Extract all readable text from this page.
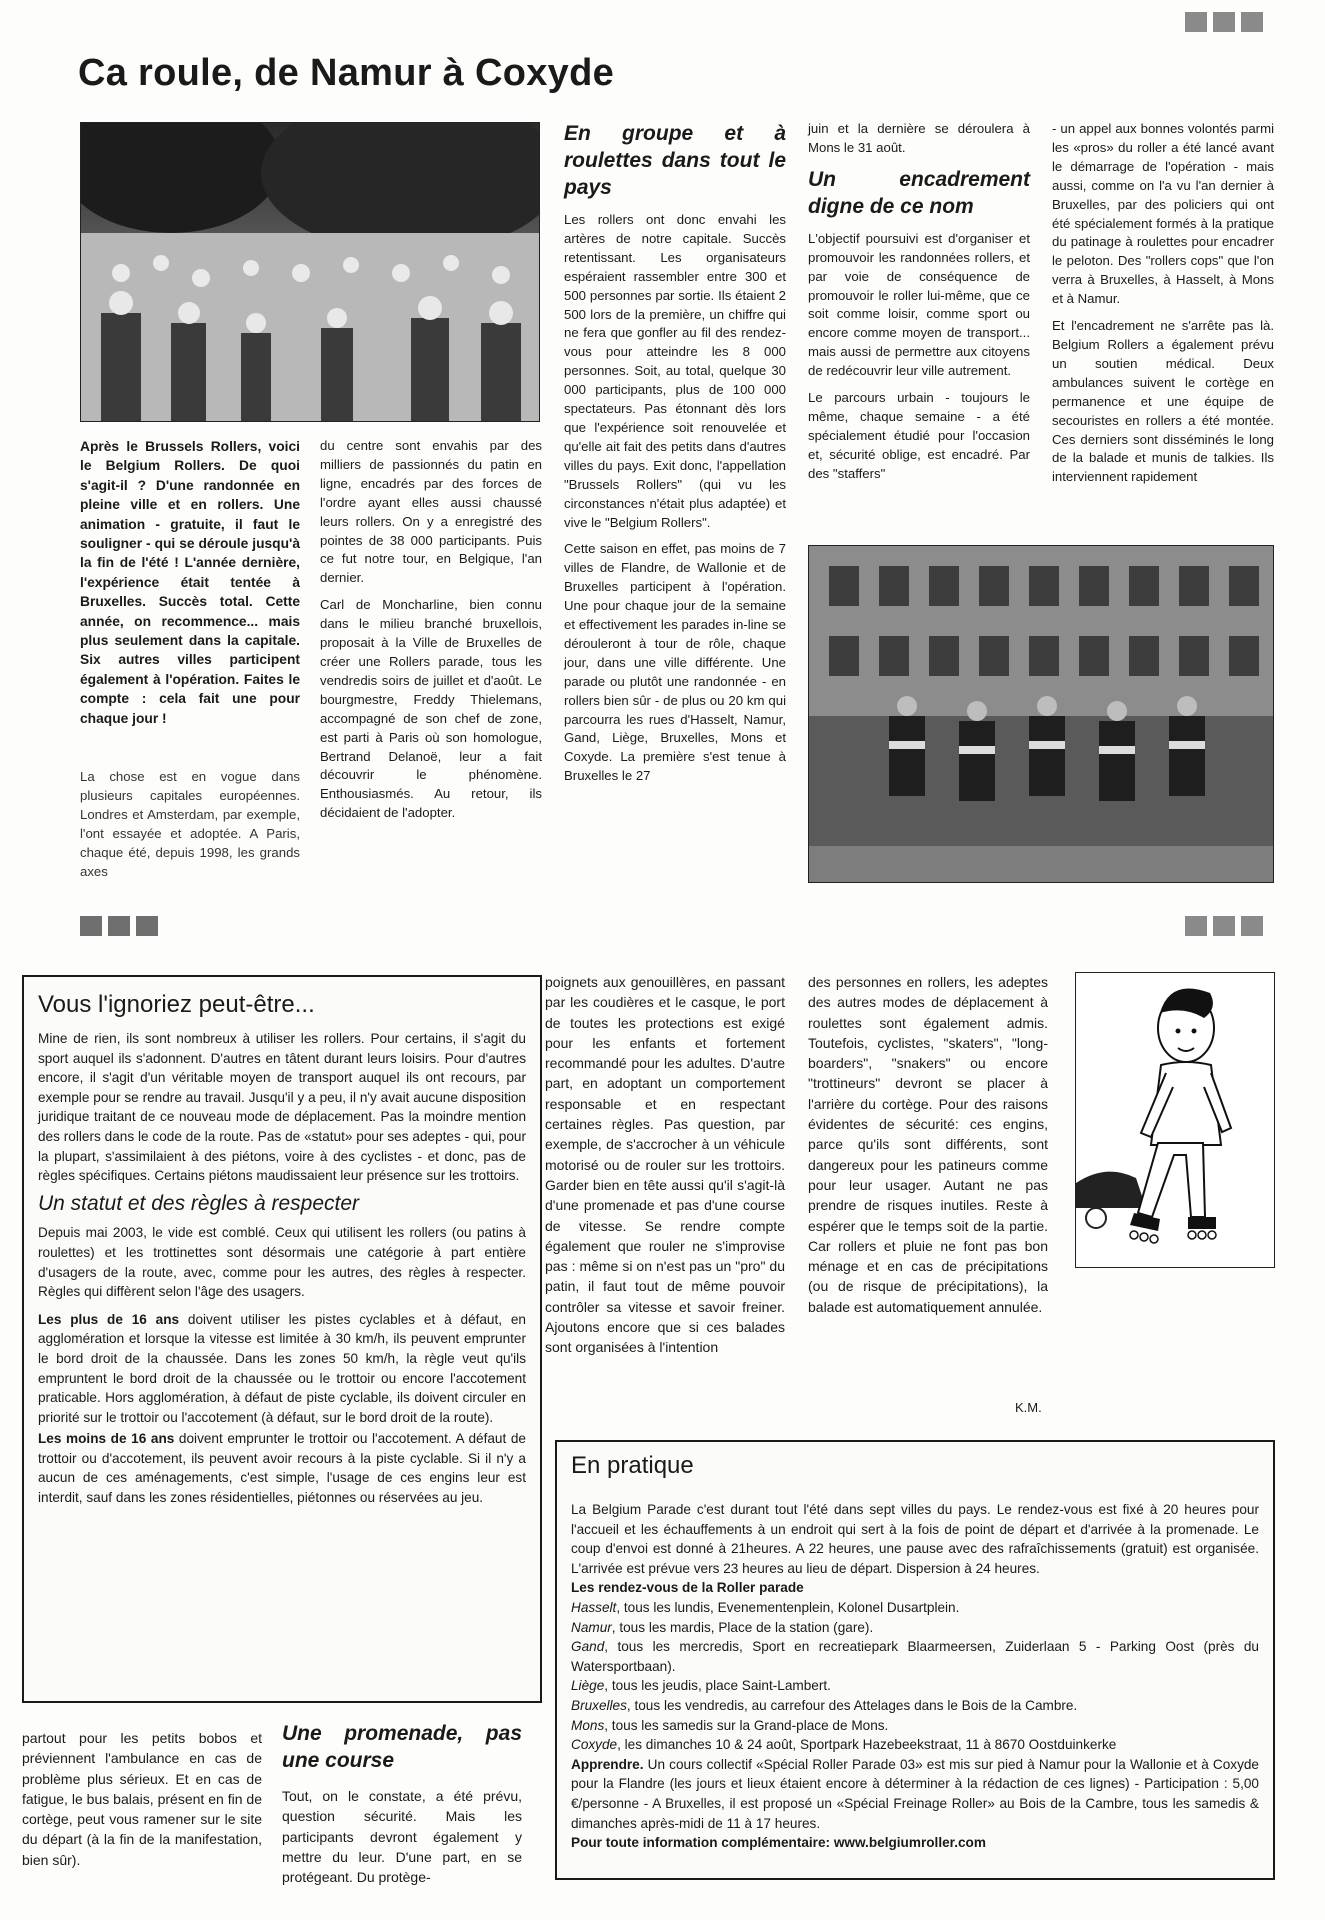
Ca roule, de Namur à Coxyde
Après le Brussels Rollers, voici le Belgium Rollers. De quoi s'agit-il ? D'une randonnée en pleine ville et en rollers. Une animation - gratuite, il faut le souligner - qui se déroule jusqu'à la fin de l'été ! L'année dernière, l'expérience était tentée à Bruxelles. Succès total. Cette année, on recommence... mais plus seulement dans la capitale. Six autres villes participent également à l'opération. Faites le compte : cela fait une pour chaque jour !
La chose est en vogue dans plusieurs capitales européennes. Londres et Amsterdam, par exemple, l'ont essayée et adoptée. A Paris, chaque été, depuis 1998, les grands axes

du centre sont envahis par des milliers de passionnés du patin en ligne, encadrés par des forces de l'ordre ayant elles aussi chaussé leurs rollers. On y a enregistré des pointes de 38 000 participants. Puis ce fut notre tour, en Belgique, l'an dernier.

Carl de Moncharline, bien connu dans le milieu branché bruxellois, proposait à la Ville de Bruxelles de créer une Rollers parade, tous les vendredis soirs de juillet et d'août. Le bourgmestre, Freddy Thielemans, accompagné de son chef de zone, est parti à Paris où son homologue, Bertrand Delanoë, leur a fait découvrir le phénomène. Enthousiasmés. Au retour, ils décidaient de l'adopter.

En groupe et à roulettes dans tout le pays

Les rollers ont donc envahi les artères de notre capitale. Succès retentissant. Les organisateurs espéraient rassembler entre 300 et 500 personnes par sortie. Ils étaient 2 500 lors de la première, un chiffre qui ne fera que gonfler au fil des rendez-vous pour atteindre les 8 000 personnes. Soit, au total, quelque 30 000 participants, plus de 100 000 spectateurs. Pas étonnant dès lors que l'expérience soit renouvelée et qu'elle ait fait des petits dans d'autres villes du pays. Exit donc, l'appellation "Brussels Rollers" (qui vu les circonstances n'était plus adaptée) et vive le "Belgium Rollers".

Cette saison en effet, pas moins de 7 villes de Flandre, de Wallonie et de Bruxelles participent à l'opération. Une pour chaque jour de la semaine et effectivement les parades in-line se dérouleront à tour de rôle, chaque jour, dans une ville différente. Une parade ou plutôt une randonnée - en rollers bien sûr - de plus ou 20 km qui parcourra les rues d'Hasselt, Namur, Gand, Liège, Bruxelles, Mons et Coxyde. La première s'est tenue à Bruxelles le 27

juin et la dernière se déroulera à Mons le 31 août.

Un encadrement digne de ce nom

L'objectif poursuivi est d'organiser et promouvoir les randonnées rollers, et par voie de conséquence de promouvoir le roller lui-même, que ce soit comme loisir, comme sport ou encore comme moyen de transport... mais aussi de permettre aux citoyens de redécouvrir leur ville autrement.

Le parcours urbain - toujours le même, chaque semaine - a été spécialement étudié pour l'occasion et, sécurité oblige, est encadré. Par des "staffers"

- un appel aux bonnes volontés parmi les «pros» du roller a été lancé avant le démarrage de l'opération - mais aussi, comme on l'a vu l'an dernier à Bruxelles, par des policiers qui ont été spécialement formés à la pratique du patinage à roulettes pour encadrer le peloton. Des "rollers cops" que l'on verra à Bruxelles, à Hasselt, à Mons et à Namur.

Et l'encadrement ne s'arrête pas là. Belgium Rollers a également prévu un soutien médical. Deux ambulances suivent le cortège en permanence et une équipe de secouristes en rollers a été montée. Ces derniers sont disséminés le long de la balade et munis de talkies. Ils interviennent rapidement

Vous l'ignoriez peut-être...

Mine de rien, ils sont nombreux à utiliser les rollers. Pour certains, il s'agit du sport auquel ils s'adonnent. D'autres en tâtent durant leurs loisirs. Pour d'autres encore, il s'agit d'un véritable moyen de transport auquel ils ont recours, par exemple pour se rendre au travail. Jusqu'il y a peu, il n'y avait aucune disposition juridique traitant de ce nouveau mode de déplacement. Pas la moindre mention des rollers dans le code de la route. Pas de «statut» pour ses adeptes - qui, pour la plupart, s'assimilaient à des piétons, voire à des cyclistes - et donc, pas de règles spécifiques. Certains piétons maudissaient leur présence sur les trottoirs.

Un statut et des règles à respecter

Depuis mai 2003, le vide est comblé. Ceux qui utilisent les rollers (ou patins à roulettes) et les trottinettes sont désormais une catégorie à part entière d'usagers de la route, avec, comme pour les autres, des règles à respecter. Règles qui diffèrent selon l'âge des usagers.

Les plus de 16 ans doivent utiliser les pistes cyclables et à défaut, en agglomération et lorsque la vitesse est limitée à 30 km/h, ils peuvent emprunter le bord droit de la chaussée. Dans les zones 50 km/h, la règle veut qu'ils empruntent le bord droit de la chaussée ou le trottoir ou encore l'accotement praticable. Hors agglomération, à défaut de piste cyclable, ils doivent circuler en priorité sur le trottoir ou l'accotement (à défaut, sur le bord droit de la route).

Les moins de 16 ans doivent emprunter le trottoir ou l'accotement. A défaut de trottoir ou d'accotement, ils peuvent avoir recours à la piste cyclable. Si il n'y a aucun de ces aménagements, c'est simple, l'usage de ces engins leur est interdit, sauf dans les zones résidentielles, piétonnes ou réservées au jeu.

poignets aux genouillères, en passant par les coudières et le casque, le port de toutes les protections est exigé pour les enfants et fortement recommandé pour les adultes. D'autre part, en adoptant un comportement responsable et en respectant certaines règles. Pas question, par exemple, de s'accrocher à un véhicule motorisé ou de rouler sur les trottoirs. Garder bien en tête aussi qu'il s'agit-là d'une promenade et pas d'une course de vitesse. Se rendre compte également que rouler ne s'improvise pas : même si on n'est pas un "pro" du patin, il faut tout de même pouvoir contrôler sa vitesse et savoir freiner. Ajoutons encore que si ces balades sont organisées à l'intention
des personnes en rollers, les adeptes des autres modes de déplacement à roulettes sont également admis. Toutefois, cyclistes, "skaters", "long-boarders", "snakers" ou encore "trottineurs" devront se placer à l'arrière du cortège. Pour des raisons évidentes de sécurité: ces engins, parce qu'ils sont différents, sont dangereux pour les patineurs comme pour leur usager. Autant ne pas prendre de risques inutiles. Reste à espérer que le temps soit de la partie. Car rollers et pluie ne font pas bon ménage et en cas de précipitations (ou de risque de précipitations), la balade est automatiquement annulée.
K.M.
En pratique

La Belgium Parade c'est durant tout l'été dans sept villes du pays. Le rendez-vous est fixé à 20 heures pour l'accueil et les échauffements à un endroit qui sert à la fois de point de départ et d'arrivée à la promenade. Le coup d'envoi est donné à 21heures. A 22 heures, une pause avec des rafraîchissements (gratuit) est organisée. L'arrivée est prévue vers 23 heures au lieu de départ. Dispersion à 24 heures.

Les rendez-vous de la Roller parade

Hasselt, tous les lundis, Evenementenplein, Kolonel Dusartplein.
Namur, tous les mardis, Place de la station (gare).
Gand, tous les mercredis, Sport en recreatiepark Blaarmeersen, Zuiderlaan 5 - Parking Oost (près du Watersportbaan).
Liège, tous les jeudis, place Saint-Lambert.
Bruxelles, tous les vendredis, au carrefour des Attelages dans le Bois de la Cambre.
Mons, tous les samedis sur la Grand-place de Mons.
Coxyde, les dimanches 10 & 24 août, Sportpark Hazebeekstraat, 11 à 8670 Oostduinkerke

Apprendre. Un cours collectif «Spécial Roller Parade 03» est mis sur pied à Namur pour la Wallonie et à Coxyde pour la Flandre (les jours et lieux étaient encore à déterminer à la rédaction de ces lignes) - Participation : 5,00 €/personne - A Bruxelles, il est proposé un «Spécial Freinage Roller» au Bois de la Cambre, tous les samedis & dimanches après-midi de 11 à 17 heures.

Pour toute information complémentaire: www.belgiumroller.com

partout pour les petits bobos et préviennent l'ambulance en cas de problème plus sérieux. Et en cas de fatigue, le bus balais, présent en fin de cortège, peut vous ramener sur le site du départ (à la fin de la manifestation, bien sûr).
Une promenade, pas une course

Tout, on le constate, a été prévu, question sécurité. Mais les participants devront également y mettre du leur. D'une part, en se protégeant. Du protège-
